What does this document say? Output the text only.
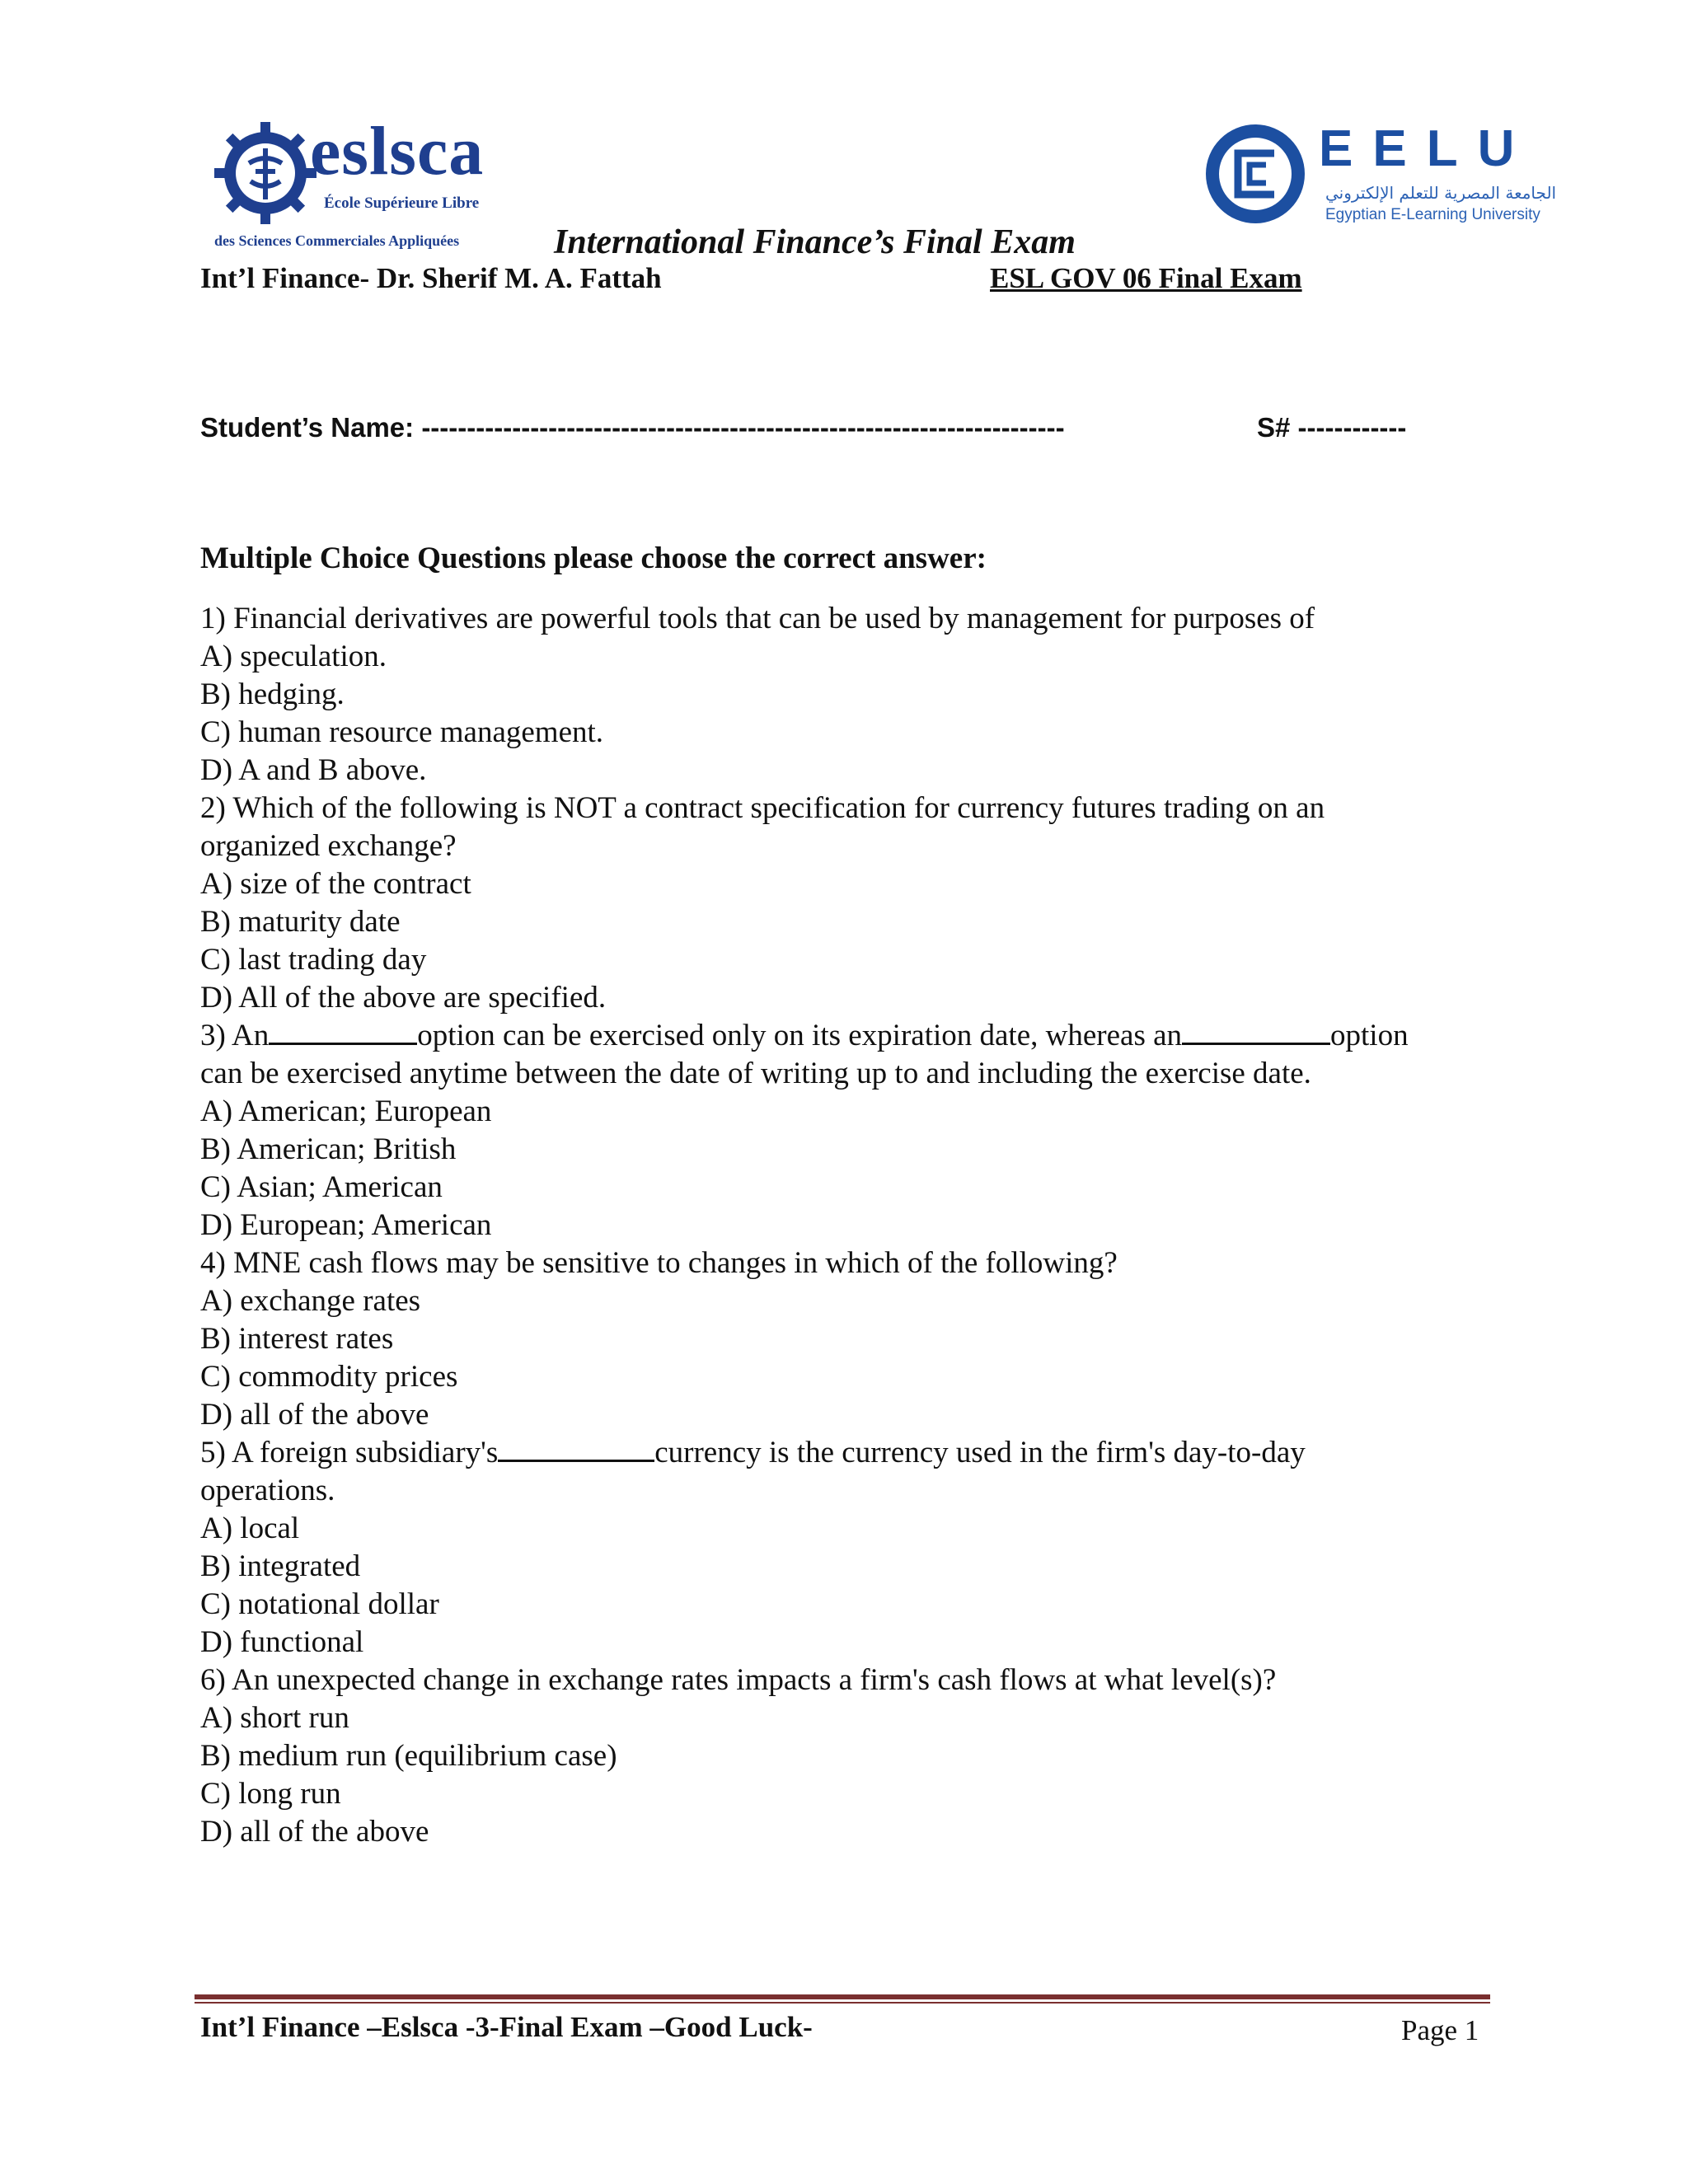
eslsca
École Supérieure Libre
des Sciences Commerciales Appliquées
EELU
الجامعة المصرية للتعلم الإلكتروني
Egyptian E-Learning University
International Finance’s Final Exam
Int’l Finance- Dr. Sherif M. A. Fattah	ESL GOV 06 Final Exam
Student’s Name: -----------------------------------------------------------------------	S# ------------
Multiple Choice Questions please choose the correct answer:
1) Financial derivatives are powerful tools that can be used by management for purposes of
A) speculation.
B) hedging.
C) human resource management.
D) A and B above.
2) Which of the following is NOT a contract specification for currency futures trading on an
organized exchange?
A) size of the contract
B) maturity date
C) last trading day
D) All of the above are specified.
3) An	option can be exercised only on its expiration date, whereas an	option
can be exercised anytime between the date of writing up to and including the exercise date.
A) American; European
B) American; British
C) Asian; American
D) European; American
4) MNE cash flows may be sensitive to changes in which of the following?
A) exchange rates
B) interest rates
C) commodity prices
D) all of the above
5) A foreign subsidiary's	currency is the currency used in the firm's day-to-day
operations.
A) local
B) integrated
C) notational dollar
D) functional
6) An unexpected change in exchange rates impacts a firm's cash flows at what level(s)?
A) short run
B) medium run (equilibrium case)
C) long run
D) all of the above
Int’l Finance –Eslsca -3-Final Exam –Good Luck-	Page 1
